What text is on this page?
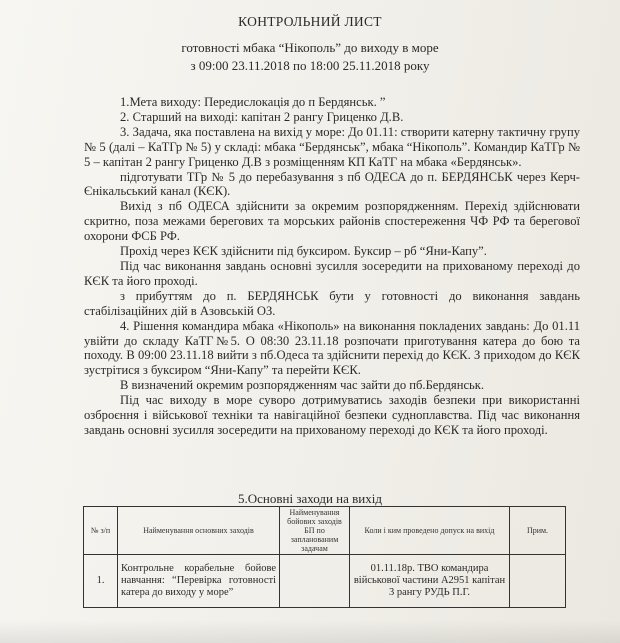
КОНТРОЛЬНИЙ ЛИСТ
готовності мбака “Нікополь” до виходу в море
з 09:00 23.11.2018 по 18:00 25.11.2018 року

1.Мета виходу: Передислокація до п Бердянськ. ”

2. Старший на виході: капітан 2 рангу Гриценко Д.В.

3. Задача, яка поставлена на вихід у море: До 01.11: створити катерну тактичну групу № 5 (далі – КаТГр № 5) у складі: мбака “Бердянськ”, мбака “Нікополь”. Командир КаТГр № 5 – капітан 2 рангу Гриценко Д.В з розміщенням КП КаТГ на мбака «Бердянськ».

підготувати ТГр № 5 до перебазування з пб ОДЕСА до п. БЕРДЯНСЬК через Керч-Єнікальський канал (КЄК).

Вихід з пб ОДЕСА здійснити за окремим розпорядженням. Перехід здійснювати скритно, поза межами берегових та морських районів спостереження ЧФ РФ та берегової охорони ФСБ РФ.

Прохід через КЄК здійснити під буксиром. Буксир – рб “Яни-Капу”.

Під час виконання завдань основні зусилля зосередити на прихованому переході до КЄК та його проході.

з прибуттям до п. БЕРДЯНСЬК бути у готовності до виконання завдань стабілізаційних дій в Азовській ОЗ.

4. Рішення командира мбака «Нікополь» на виконання покладених завдань: До 01.11 увійти до складу КаТГ№5. О 08:30 23.11.18 розпочати приготування катера до бою та походу. В 09:00 23.11.18 вийти з пб.Одеса та здійснити перехід до КЄК. З приходом до КЄК зустрітися з буксиром “Яни-Капу” та перейти КЄК.

В визначений окремим розпорядженням час зайти до пб.Бердянськ.

Під час виходу в море суворо дотримуватись заходів безпеки при використанні озброєння і військової техніки та навігаційної безпеки судноплавства. Під час виконання завдань основні зусилля зосередити на прихованому переході до КЄК та його проході.

5.Основні заходи на вихід
№ з/п	Найменування основних заходів	Найменування бойових заходів БП по запланованим задачам	Коли і ким проведено допуск на вихід	Прим.
1.	Контрольне корабельне бойове навчання: “Перевірка готовності катера до виходу у море”		01.11.18р. ТВО командира військової частини А2951 капітан 3 рангу РУДЬ П.Г.	
